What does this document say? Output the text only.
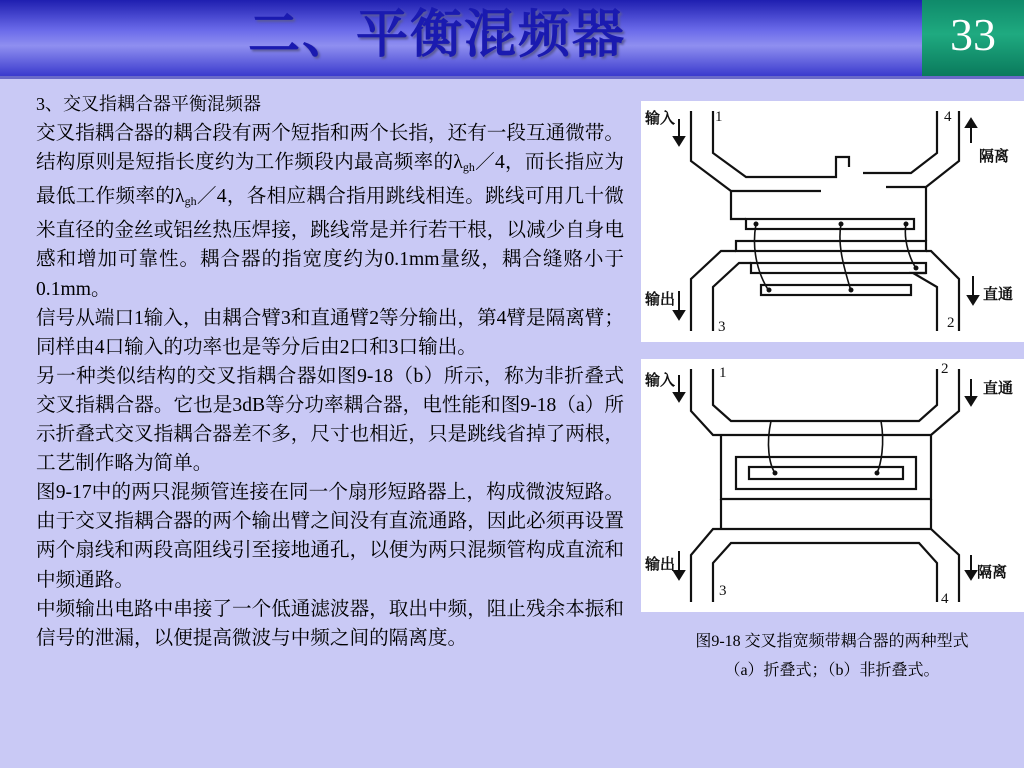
二、平衡混频器	33

3、交叉指耦合器平衡混频器

交叉指耦合器的耦合段有两个短指和两个长指，还有一段互通微带。结构原则是短指长度约为工作频段内最高频率的$\lambda_{gh}/4$，而长指应为最低工作频率的$\lambda_{gh}/4$，各相应耦合指用跳线相连。跳线可用几十微米直径的金丝或铝丝热压焊接，跳线常是并行若干根，以减少自身电感和增加可靠性。耦合器的指宽度约为0.1mm量级，耦合缝赂小于0.1mm。

信号从端口1输入，由耦合臂3和直通臂2等分输出，第4臂是隔离臂；同样由4口输入的功率也是等分后由2口和3口输出。

另一种类似结构的交叉指耦合器如图9-18（b）所示，称为非折叠式交叉指耦合器。它也是3dB等分功率耦合器，电性能和图9-18（a）所示折叠式交叉指耦合器差不多，尺寸也相近，只是跳线省掉了两根，工艺制作略为简单。

图9-17中的两只混频管连接在同一个扇形短路器上，构成微波短路。由于交叉指耦合器的两个输出臂之间没有直流通路，因此必须再设置两个扇线和两段高阻线引至接地通孔，以便为两只混频管构成直流和中频通路。

中频输出电路中串接了一个低通滤波器，取出中频，阻止残余本振和信号的泄漏，以便提高微波与中频之间的隔离度。

输入
隔离
输出	直通
1	4
3	2
输入	直通
输出	隔离
1	2
3	4
图9-18 交叉指宽频带耦合器的两种型式
（a）折叠式；（b）非折叠式。
